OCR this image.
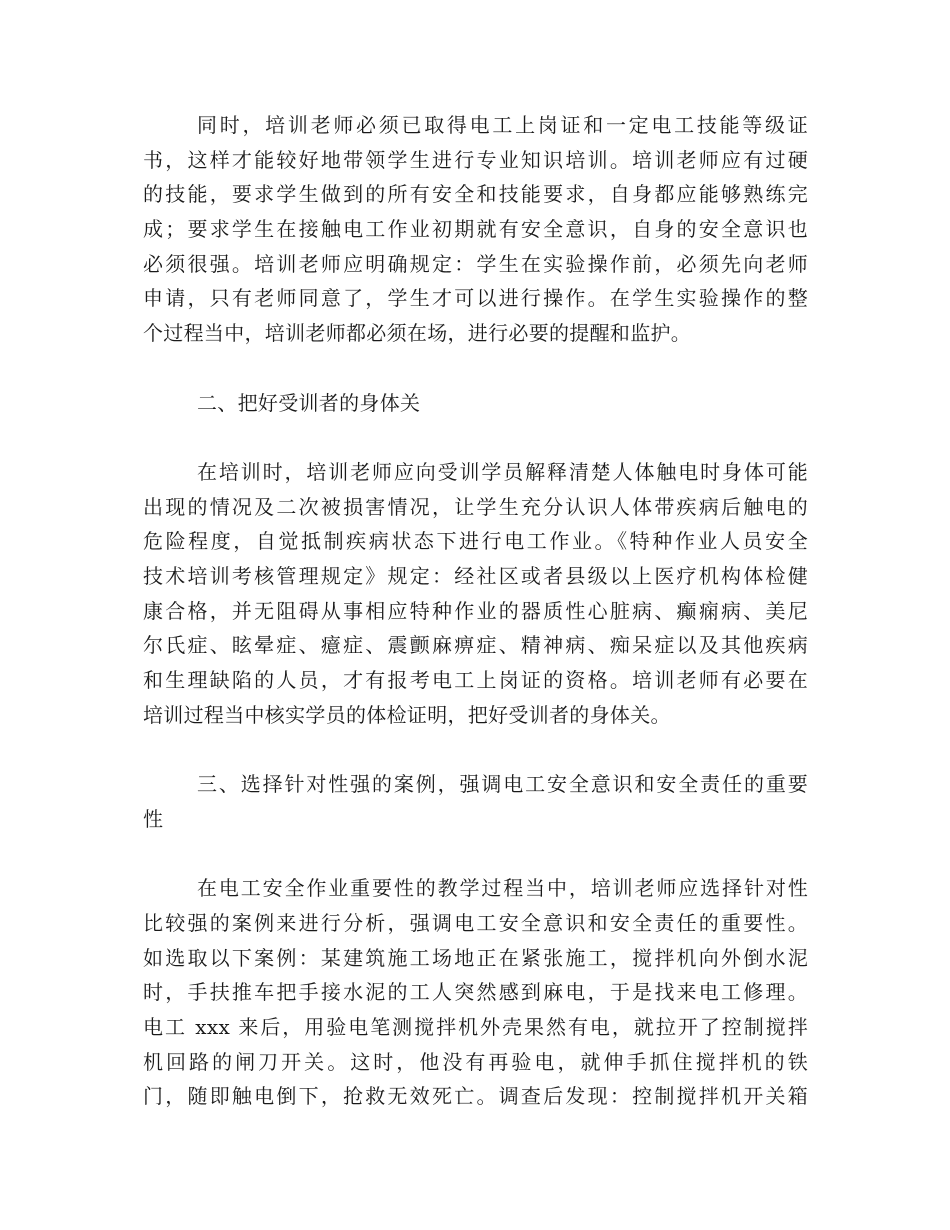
同时，培训老师必须已取得电工上岗证和一定电工技能等级证
书，这样才能较好地带领学生进行专业知识培训。培训老师应有过硬
的技能，要求学生做到的所有安全和技能要求，自身都应能够熟练完
成；要求学生在接触电工作业初期就有安全意识，自身的安全意识也
必须很强。培训老师应明确规定：学生在实验操作前，必须先向老师
申请，只有老师同意了，学生才可以进行操作。在学生实验操作的整
个过程当中，培训老师都必须在场，进行必要的提醒和监护。
二、把好受训者的身体关
在培训时，培训老师应向受训学员解释清楚人体触电时身体可能
出现的情况及二次被损害情况，让学生充分认识人体带疾病后触电的
危险程度，自觉抵制疾病状态下进行电工作业。《特种作业人员安全
技术培训考核管理规定》规定：经社区或者县级以上医疗机构体检健
康合格，并无阻碍从事相应特种作业的器质性心脏病、癫痫病、美尼
尔氏症、眩晕症、癔症、震颤麻痹症、精神病、痴呆症以及其他疾病
和生理缺陷的人员，才有报考电工上岗证的资格。培训老师有必要在
培训过程当中核实学员的体检证明，把好受训者的身体关。
三、选择针对性强的案例，强调电工安全意识和安全责任的重要
性
在电工安全作业重要性的教学过程当中，培训老师应选择针对性
比较强的案例来进行分析，强调电工安全意识和安全责任的重要性。
如选取以下案例：某建筑施工场地正在紧张施工，搅拌机向外倒水泥
时，手扶推车把手接水泥的工人突然感到麻电，于是找来电工修理。
电工 xxx 来后，用验电笔测搅拌机外壳果然有电，就拉开了控制搅拌
机回路的闸刀开关。这时，他没有再验电，就伸手抓住搅拌机的铁
门，随即触电倒下，抢救无效死亡。调查后发现：控制搅拌机开关箱
